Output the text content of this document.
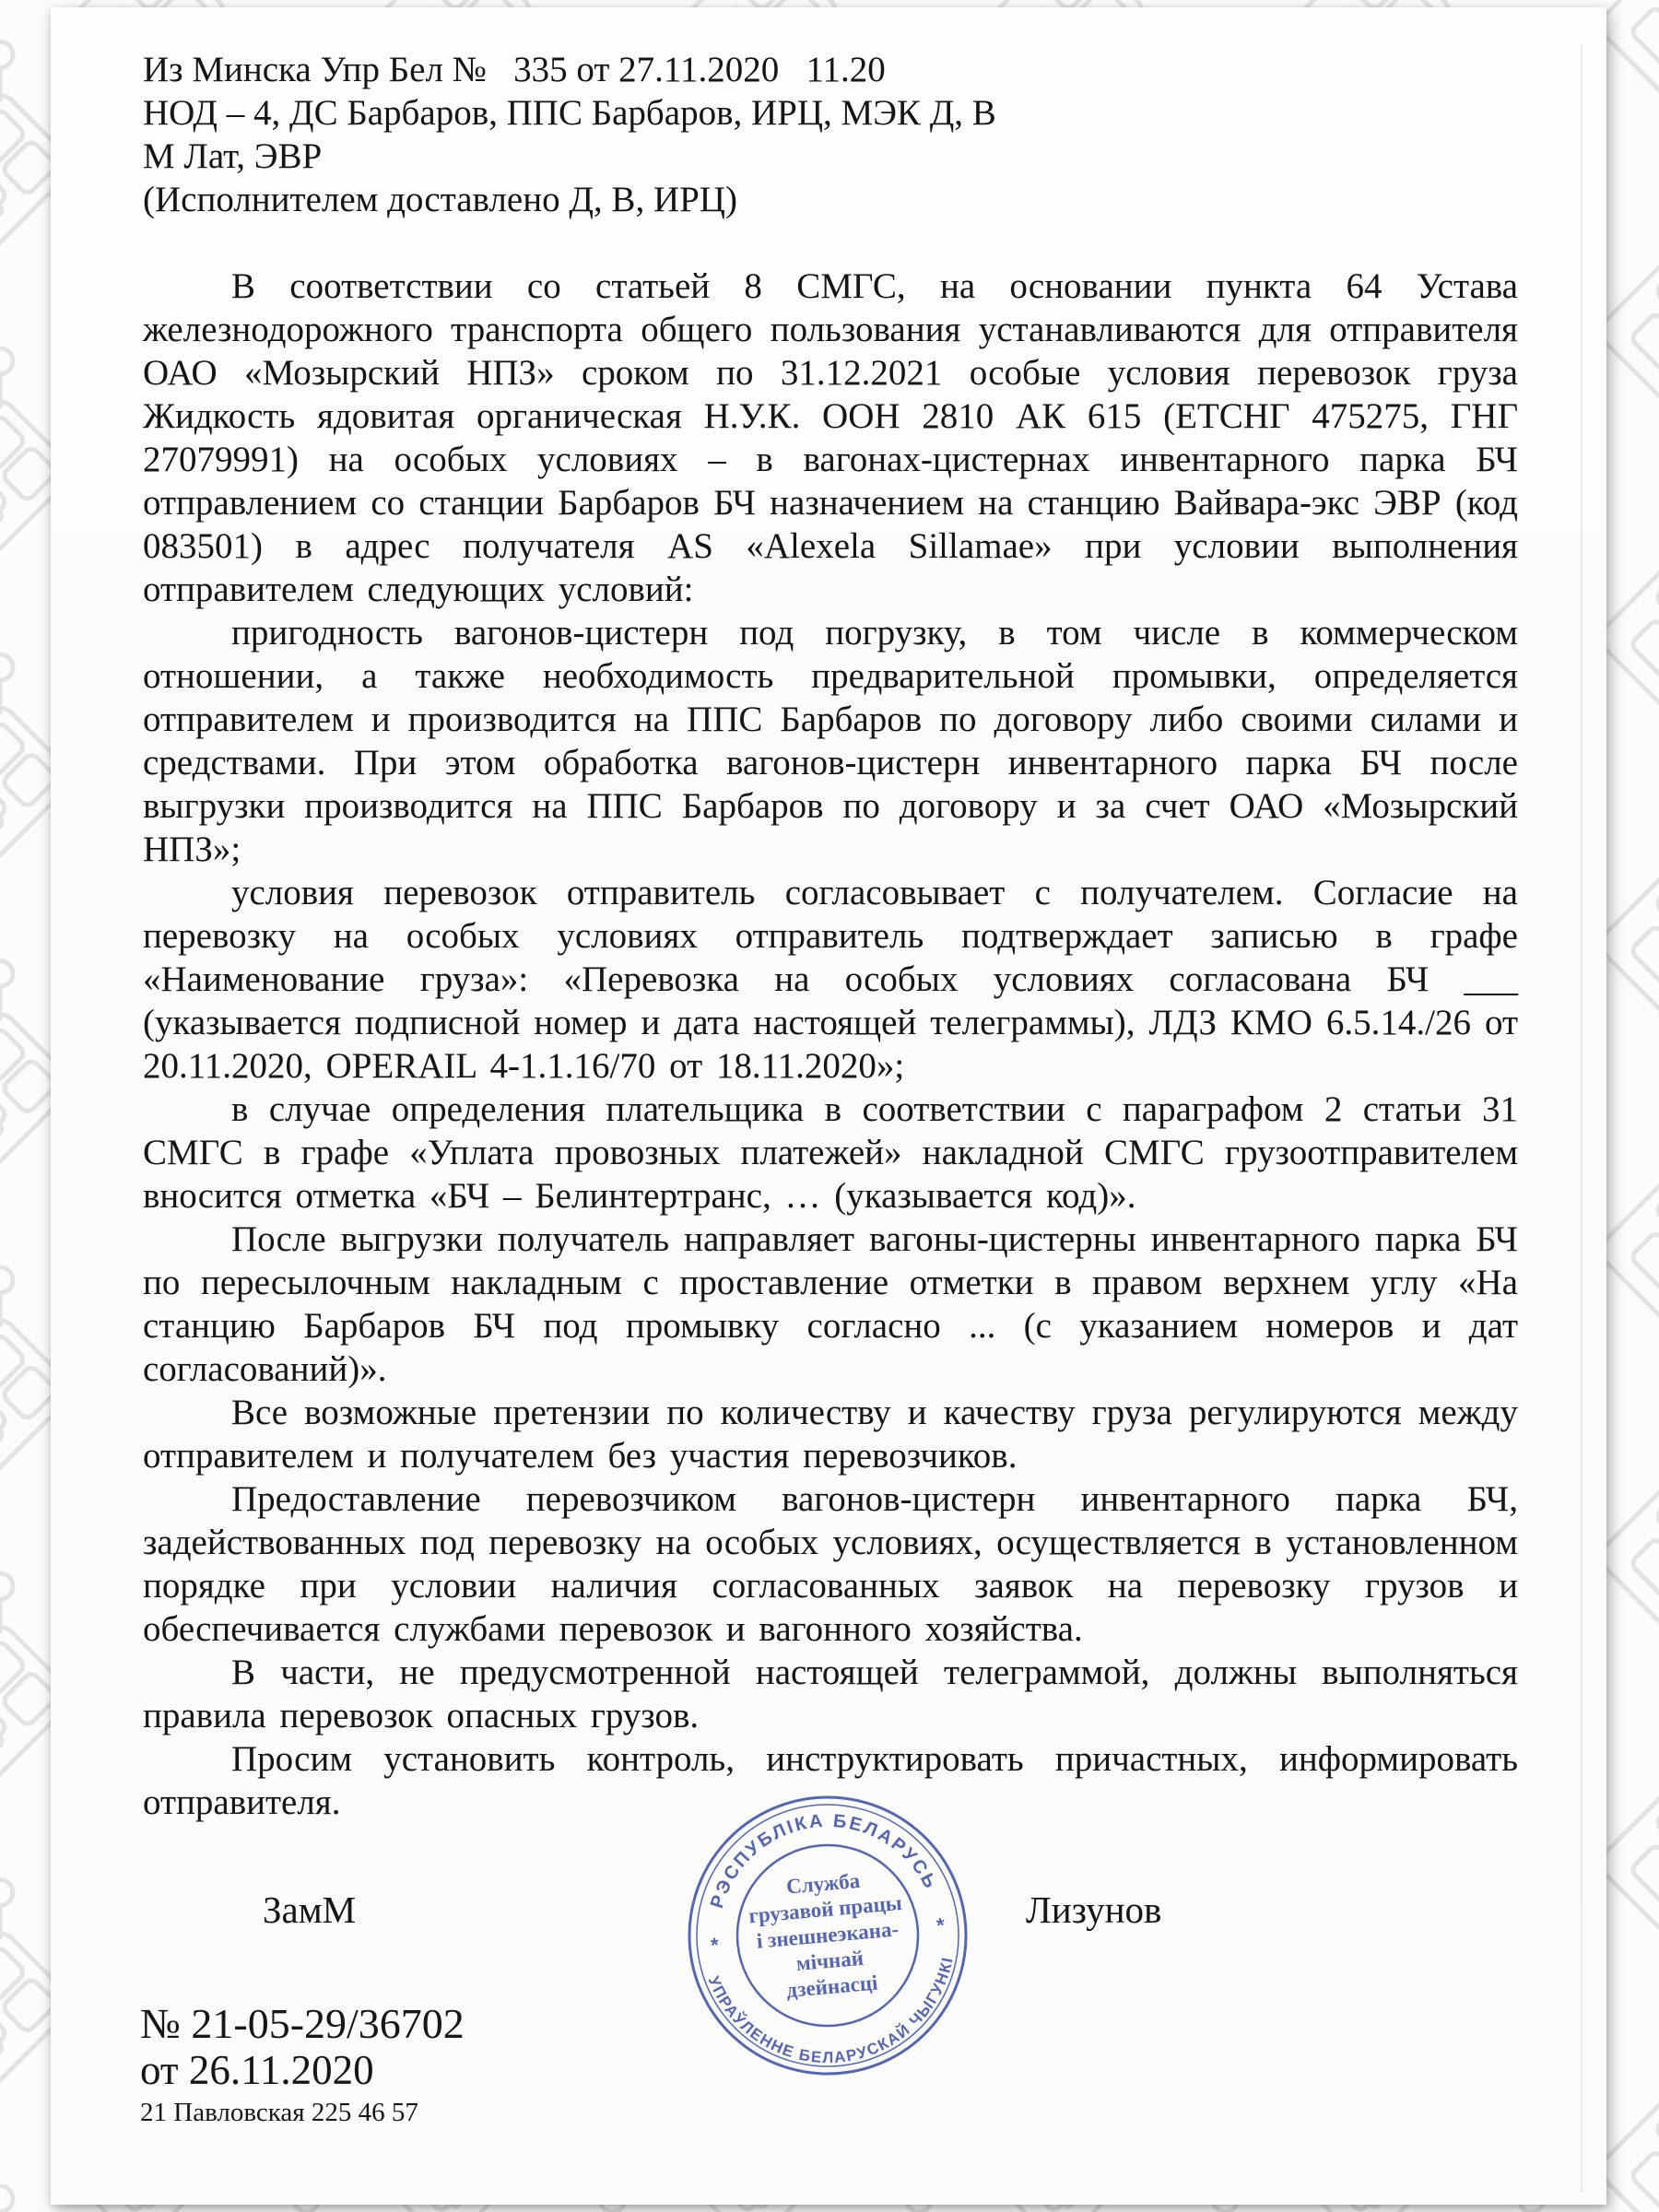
Из Минска Упр Бел №   335 от 27.11.2020   11.20

НОД – 4, ДС Барбаров, ППС Барбаров, ИРЦ, МЭК Д, В

М Лат, ЭВР

(Исполнителем доставлено Д, В, ИРЦ)

В соответствии со статьей 8 СМГС, на основании пункта 64 Устава железнодорожного транспорта общего пользования устанавливаются для отправителя ОАО «Мозырский НПЗ» сроком по 31.12.2021 особые условия перевозок груза Жидкость ядовитая органическая Н.У.К. ООН 2810 АК 615 (ЕТСНГ 475275, ГНГ 27079991) на особых условиях – в вагонах-цистернах инвентарного парка БЧ отправлением со станции Барбаров БЧ назначением на станцию Вайвара-экс ЭВР (код 083501) в адрес получателя AS «Alexela Sillamae» при условии выполнения отправителем следующих условий:

пригодность вагонов-цистерн под погрузку, в том числе в коммерческом отношении, а также необходимость предварительной промывки, определяется отправителем и производится на ППС Барбаров по договору либо своими силами и средствами. При этом обработка вагонов-цистерн инвентарного парка БЧ после выгрузки производится на ППС Барбаров по договору и за счет ОАО «Мозырский НПЗ»;

условия перевозок отправитель согласовывает с получателем. Согласие на перевозку на особых условиях отправитель подтверждает записью в графе «Наименование груза»: «Перевозка на особых условиях согласована БЧ ___ (указывается подписной номер и дата настоящей телеграммы), ЛДЗ КМО 6.5.14./26 от 20.11.2020, OPERAIL 4-1.1.16/70 от 18.11.2020»;

в случае определения плательщика в соответствии с параграфом 2 статьи 31 СМГС в графе «Уплата провозных платежей» накладной СМГС грузоотправителем вносится отметка «БЧ – Белинтертранс, … (указывается код)».

После выгрузки получатель направляет вагоны-цистерны инвентарного парка БЧ по пересылочным накладным с проставление отметки в правом верхнем углу «На станцию Барбаров БЧ под промывку согласно ... (с указанием номеров и дат согласований)».

Все возможные претензии по количеству и качеству груза регулируются между отправителем и получателем без участия перевозчиков.

Предоставление перевозчиком вагонов-цистерн инвентарного парка БЧ, задействованных под перевозку на особых условиях, осуществляется в установленном порядке при условии наличия согласованных заявок на перевозку грузов и обеспечивается службами перевозок и вагонного хозяйства.

В части, не предусмотренной настоящей телеграммой, должны выполняться правила перевозок опасных грузов.

Просим установить контроль, инструктировать причастных, информировать отправителя.

ЗамМ	Лизунов
РЭСПУБЛІКА БЕЛАРУСЬ
УПРАЎЛЕННЕ БЕЛАРУСКАЙ ЧЫГУНКІ
*
*
Служба
грузавой працы
і знешнеэкана-
мічнай
дзейнасці

№ 21-05-29/36702

от 26.11.2020

21 Павловская 225 46 57
